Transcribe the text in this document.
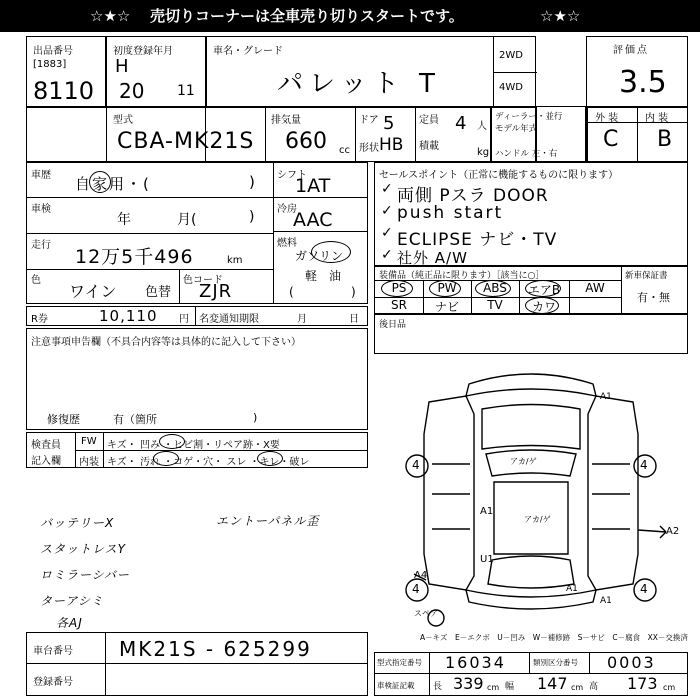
☆★☆ 売切りコーナーは全車売り切りスタートです。	☆★☆
出品番号
[1883]
8110
初度登録年月
H
20 11
車名・グレード
パレット T
2WD
4WD
評価点
3.5
型式
CBA-MK21S
排気量
660 cc
ドア 5
形状 HB
定員 4 人
積載
kg
ディーラー・並行
モデル年式
ハンドル 左・右
外 装	内 装
C B
車歴 自家用・(	)
車検
年	月(	)
走行
12万5千496	km
色
ワイン 色替
色コード
ZJR
シフト
1AT
冷房
AAC
燃料
ガソリン
軽　油
(	)
R券	10,110 円 名変通知期限	月	日
注意事項申告欄（不具合内容等は具体的に記入して下さい）
修復歴	有（箇所	)
検査員
記入欄
FW キズ・ 凹み ・ヒビ割・リペア跡・X要
内装 キズ・ 汚れ ・コゲ・穴・ スレ ・キレ・破レ
バッテリーX
スタットレスY
ロミラーシバー
ターアシミ
各AJ
エントーパネル歪
車台番号 MK21S - 625299
登録番号
セールスポイント（正常に機能するものに限ります）
両側 Pスラ DOOR
push start
ECLIPSE ナビ・TV
社外 A/W
✓
✓
✓
✓
装備品（純正品に限ります）［該当に○］
PS	PW	ABS	エアB	AW
SR	ナビ	TV	カワ
新車保証書
有・無
後日品
A1
A1
A1
A1
A2
A4
U1
4	4
4	4
アカ/ゲ
アカ/ゲ
スペア
A－キズ　E－エクボ　U－凹み　W－補修跡　S－サビ　C－腐食　XX－交換済
型式指定番号 16034	類別区分番号 0003
車検証記載 長 339 cm 幅 147 cm 高 173 cm
